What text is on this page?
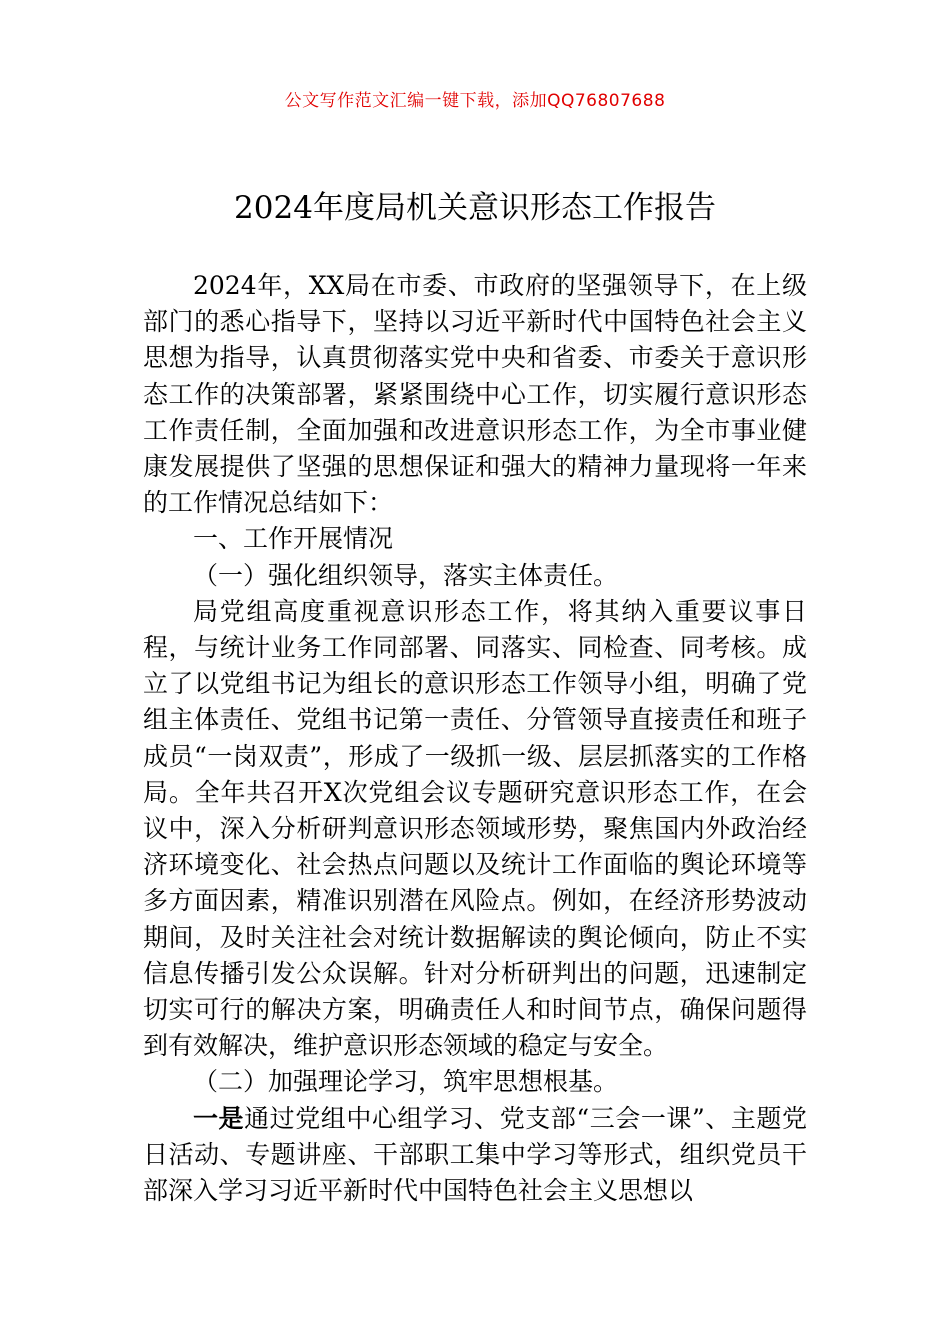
公文写作范文汇编一键下载，添加QQ76807688
2024年度局机关意识形态工作报告

2024年，XX局在市委、市政府的坚强领导下，在上级部门的悉心指导下，坚持以习近平新时代中国特色社会主义思想为指导，认真贯彻落实党中央和省委、市委关于意识形态工作的决策部署，紧紧围绕中心工作，切实履行意识形态工作责任制，全面加强和改进意识形态工作，为全市事业健康发展提供了坚强的思想保证和强大的精神力量现将一年来的工作情况总结如下：

一、工作开展情况

（一）强化组织领导，落实主体责任。

局党组高度重视意识形态工作，将其纳入重要议事日程，与统计业务工作同部署、同落实、同检查、同考核。成立了以党组书记为组长的意识形态工作领导小组，明确了党组主体责任、党组书记第一责任、分管领导直接责任和班子成员“一岗双责”，形成了一级抓一级、层层抓落实的工作格局。全年共召开X次党组会议专题研究意识形态工作，在会议中，深入分析研判意识形态领域形势，聚焦国内外政治经济环境变化、社会热点问题以及统计工作面临的舆论环境等多方面因素，精准识别潜在风险点。例如，在经济形势波动期间，及时关注社会对统计数据解读的舆论倾向，防止不实信息传播引发公众误解。针对分析研判出的问题，迅速制定切实可行的解决方案，明确责任人和时间节点，确保问题得到有效解决，维护意识形态领域的稳定与安全。

（二）加强理论学习，筑牢思想根基。

一是通过党组中心组学习、党支部“三会一课”、主题党日活动、专题讲座、干部职工集中学习等形式，组织党员干部深入学习习近平新时代中国特色社会主义思想以
